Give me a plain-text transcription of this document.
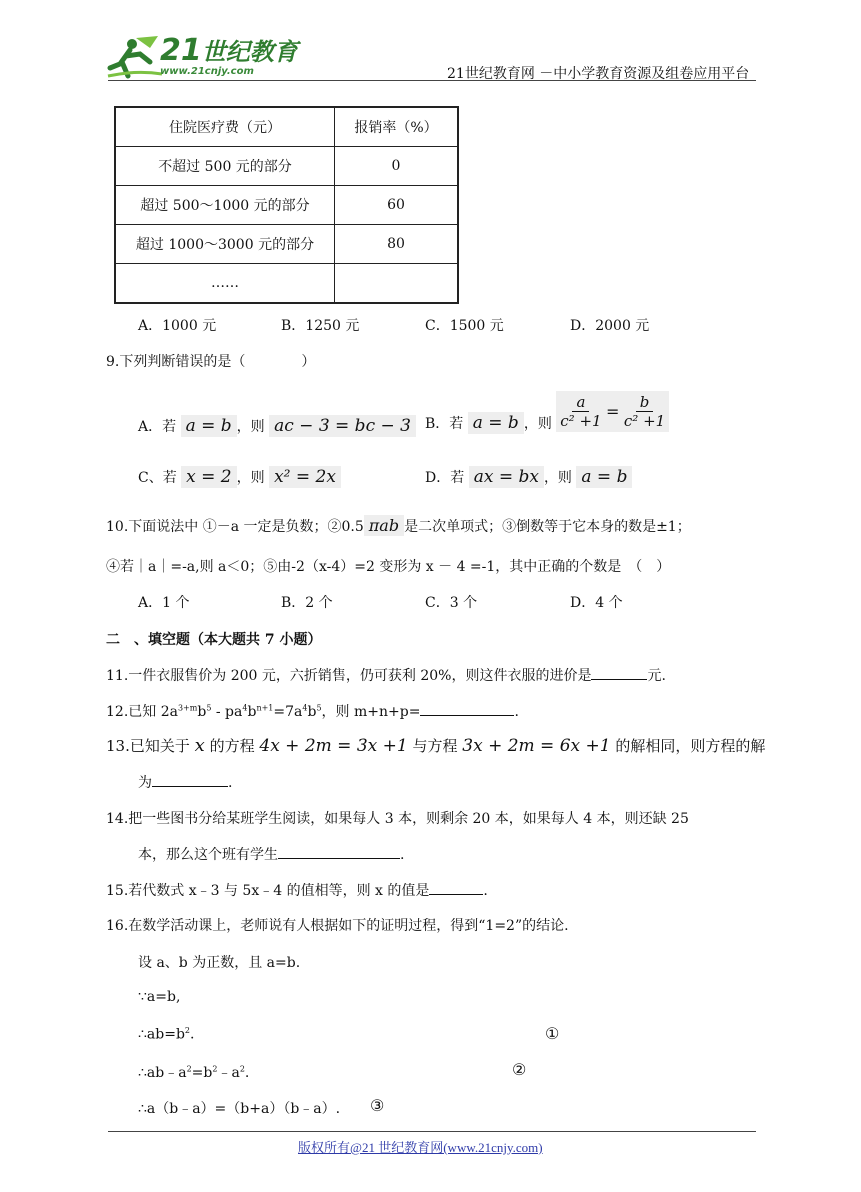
21世纪教育
www.21cnjy.com	21世纪教育网 －中小学教育资源及组卷应用平台
住院医疗费（元）	报销率（%）
不超过 500 元的部分	0
超过 500～1000 元的部分	60
超过 1000～3000 元的部分	80
……	
A．1000 元	B．1250 元	C．1500 元	D．2000 元
9.下列判断错误的是（　　　　）
A．若 a = b ，则 ac − 3 = bc − 3	B．若 a = b ，则 $\frac{a}{\text{c² +1}} = \frac{b}{\text{c² +1}}$
C、若 x = 2 ，则 x² = 2x	D．若 ax = bx ，则 a = b
10.下面说法中 ①－a 一定是负数；②0.5 πab 是二次单项式；③倒数等于它本身的数是±1；
④若｜a｜=-a,则 a＜0；⑤由-2（x-4）=2 变形为 x － 4 =-1，其中正确的个数是　（　）
A．1 个	B．2 个	C．3 个	D．4 个
二　、填空题（本大题共 7 小题）
11.一件衣服售价为 200 元，六折销售，仍可获利 20%，则这件衣服的进价是	元.
12.已知 $2a^{3+m}b^5 - pa^4b^{n+1}=7a^4b^5$，则 m+n+p=	.
13.已知关于 x 的方程 4x + 2m = 3x +1 与方程 3x + 2m = 6x +1 的解相同，则方程的解
为	.
14.把一些图书分给某班学生阅读，如果每人 3 本，则剩余 20 本，如果每人 4 本，则还缺 25
本，那么这个班有学生	.
15.若代数式 x﹣3 与 5x﹣4 的值相等，则 x 的值是	.
16.在数学活动课上，老师说有人根据如下的证明过程，得到“1=2”的结论.
设 a、b 为正数，且 a=b.
∵a=b,
$\therefore ab=b^2$.	①
$\therefore ab﹣a^2=b^2﹣a^2$.	②
∴a（b﹣a）=（b+a）（b﹣a）. ③
版权所有@21 世纪教育网(www.21cnjy.com)
